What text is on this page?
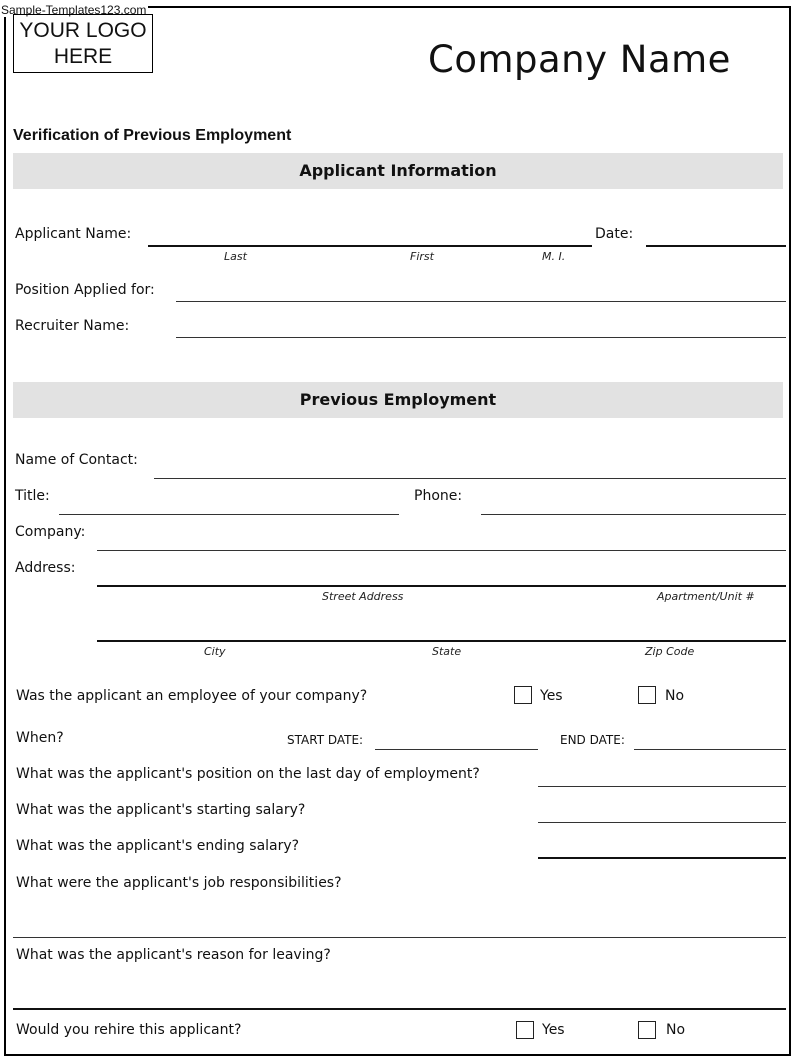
Sample-Templates123.com
YOUR LOGO
HERE	Company Name
Verification of Previous Employment
Applicant Information
Applicant Name:
Last	First	M. I.
Date:
Position Applied for:
Recruiter Name:
Previous Employment
Name of Contact:
Title:	Phone:
Company:
Address:
Street Address	Apartment/Unit #
City	State	Zip Code
Was the applicant an employee of your company?	Yes	No
When?	START DATE:	END DATE:
What was the applicant's position on the last day of employment?
What was the applicant's starting salary?
What was the applicant's ending salary?
What were the applicant's job responsibilities?
What was the applicant's reason for leaving?
Would you rehire this applicant?	Yes	No
